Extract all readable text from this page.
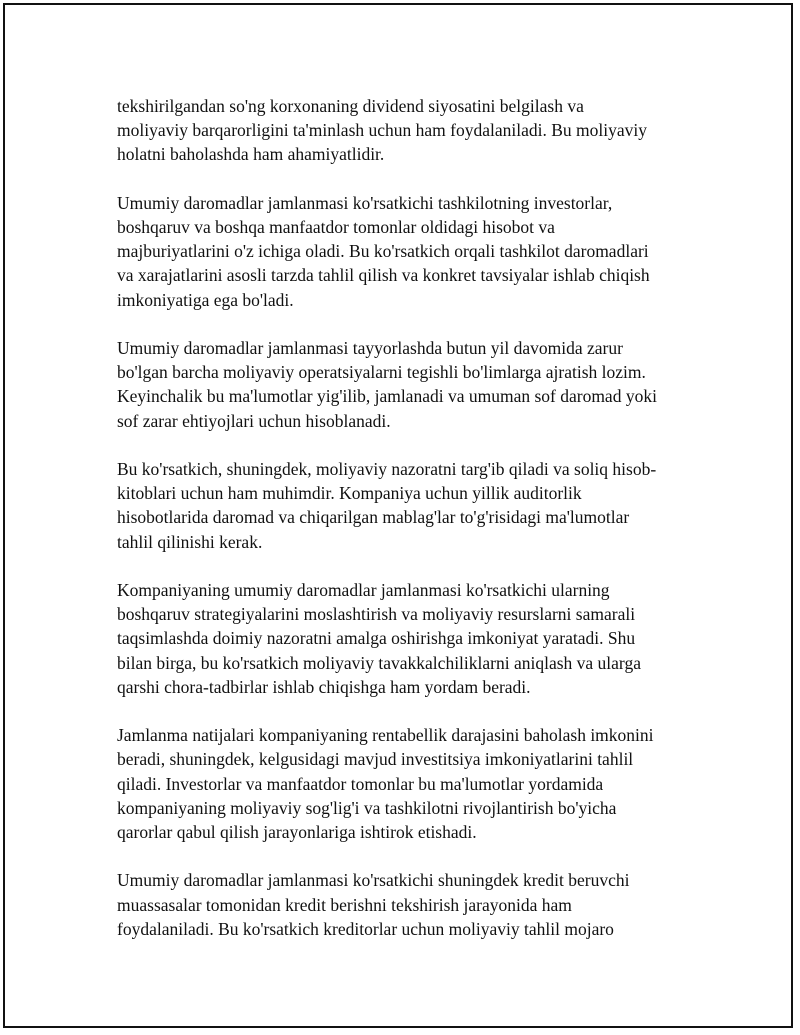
tekshirilgandan so'ng korxonaning dividend siyosatini belgilash va
moliyaviy barqarorligini ta'minlash uchun ham foydalaniladi. Bu moliyaviy
holatni baholashda ham ahamiyatlidir.

Umumiy daromadlar jamlanmasi ko'rsatkichi tashkilotning investorlar,
boshqaruv va boshqa manfaatdor tomonlar oldidagi hisobot va
majburiyatlarini o'z ichiga oladi. Bu ko'rsatkich orqali tashkilot daromadlari
va xarajatlarini asosli tarzda tahlil qilish va konkret tavsiyalar ishlab chiqish
imkoniyatiga ega bo'ladi.

Umumiy daromadlar jamlanmasi tayyorlashda butun yil davomida zarur
bo'lgan barcha moliyaviy operatsiyalarni tegishli bo'limlarga ajratish lozim.
Keyinchalik bu ma'lumotlar yig'ilib, jamlanadi va umuman sof daromad yoki
sof zarar ehtiyojlari uchun hisoblanadi.

Bu ko'rsatkich, shuningdek, moliyaviy nazoratni targ'ib qiladi va soliq hisob-
kitoblari uchun ham muhimdir. Kompaniya uchun yillik auditorlik
hisobotlarida daromad va chiqarilgan mablag'lar to'g'risidagi ma'lumotlar
tahlil qilinishi kerak.

Kompaniyaning umumiy daromadlar jamlanmasi ko'rsatkichi ularning
boshqaruv strategiyalarini moslashtirish va moliyaviy resurslarni samarali
taqsimlashda doimiy nazoratni amalga oshirishga imkoniyat yaratadi. Shu
bilan birga, bu ko'rsatkich moliyaviy tavakkalchiliklarni aniqlash va ularga
qarshi chora-tadbirlar ishlab chiqishga ham yordam beradi.

Jamlanma natijalari kompaniyaning rentabellik darajasini baholash imkonini
beradi, shuningdek, kelgusidagi mavjud investitsiya imkoniyatlarini tahlil
qiladi. Investorlar va manfaatdor tomonlar bu ma'lumotlar yordamida
kompaniyaning moliyaviy sog'lig'i va tashkilotni rivojlantirish bo'yicha
qarorlar qabul qilish jarayonlariga ishtirok etishadi.

Umumiy daromadlar jamlanmasi ko'rsatkichi shuningdek kredit beruvchi
muassasalar tomonidan kredit berishni tekshirish jarayonida ham
foydalaniladi. Bu ko'rsatkich kreditorlar uchun moliyaviy tahlil mojaro
